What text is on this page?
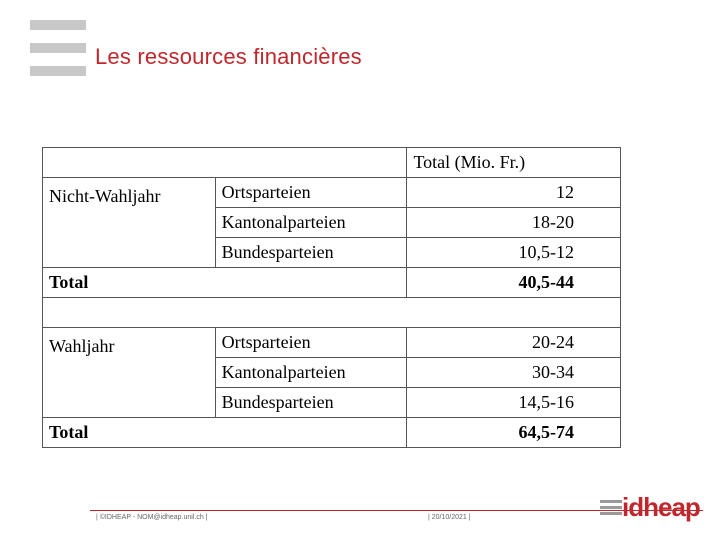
Les ressources financières
		Total (Mio. Fr.)
Nicht-Wahljahr	Ortsparteien	12
	Kantonalparteien	18-20
	Bundesparteien	10,5-12
Total		40,5-44

Wahljahr	Ortsparteien	20-24
	Kantonalparteien	30-34
	Bundesparteien	14,5-16
Total		64,5-74
| ©IDHEAP - NOM@idheap.unil.ch |	| 20/10/2021 |	idheap
